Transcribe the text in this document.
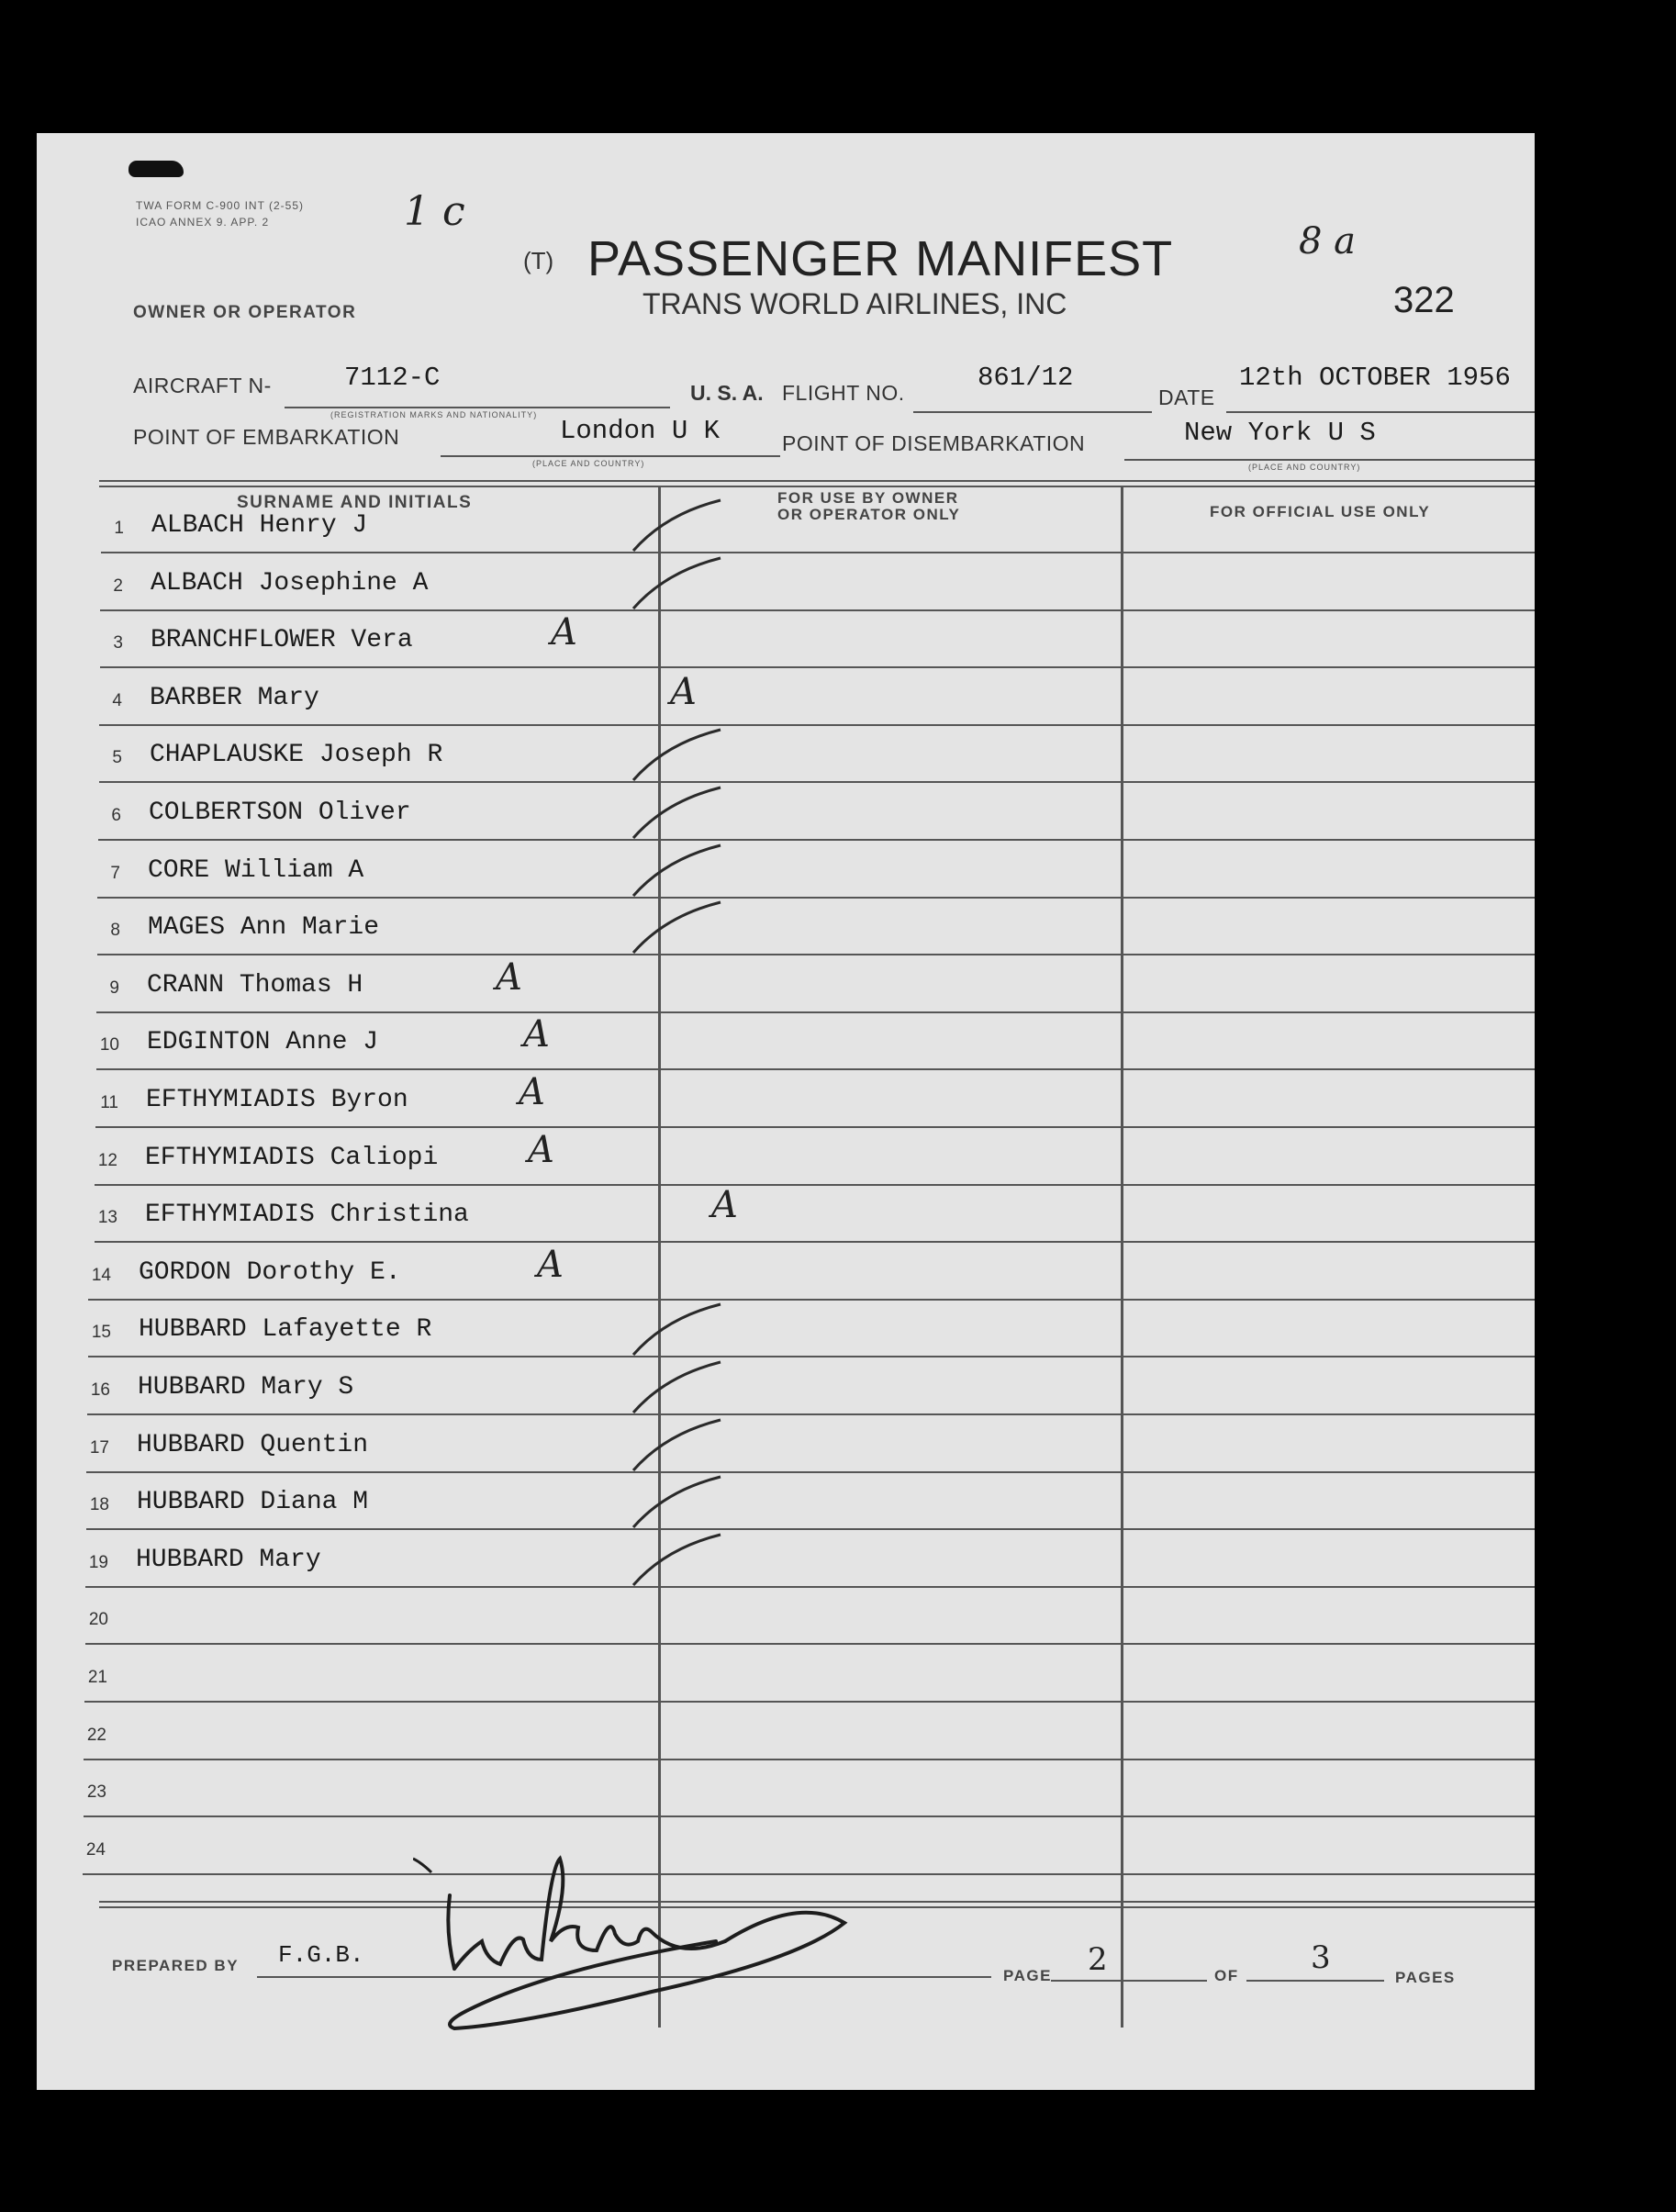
TWA FORM C-900 INT (2-55)
ICAO ANNEX 9. APP. 2	1 c
8 a
(T) PASSENGER MANIFEST
TRANS WORLD AIRLINES, INC
OWNER OR OPERATOR	322
AIRCRAFT N-	7112-C
(REGISTRATION MARKS AND NATIONALITY)
U. S. A. FLIGHT NO.	861/12
DATE
12th OCTOBER 1956
POINT OF EMBARKATION	London U K
(PLACE AND COUNTRY)
POINT OF DISEMBARKATION	New York U S
(PLACE AND COUNTRY)
SURNAME AND INITIALS	FOR USE BY OWNER
OR OPERATOR ONLY	FOR OFFICIAL USE ONLY
1 ALBACH Henry J
2 ALBACH Josephine A
3 BRANCHFLOWER Vera	A
4 BARBER Mary	A
5 CHAPLAUSKE Joseph R
6 COLBERTSON Oliver
7 CORE William A
8 MAGES Ann Marie
9 CRANN Thomas H	A
10 EDGINTON Anne J	A
11 EFTHYMIADIS Byron	A
12 EFTHYMIADIS Caliopi A
13 EFTHYMIADIS Christina	A
14 GORDON Dorothy E.	A
15 HUBBARD Lafayette R
16 HUBBARD Mary S
17 HUBBARD Quentin
18 HUBBARD Diana M
19 HUBBARD Mary
20
21
22
23
24
PREPARED BY F.G.B.
PAGE 2	OF 3
PAGES
